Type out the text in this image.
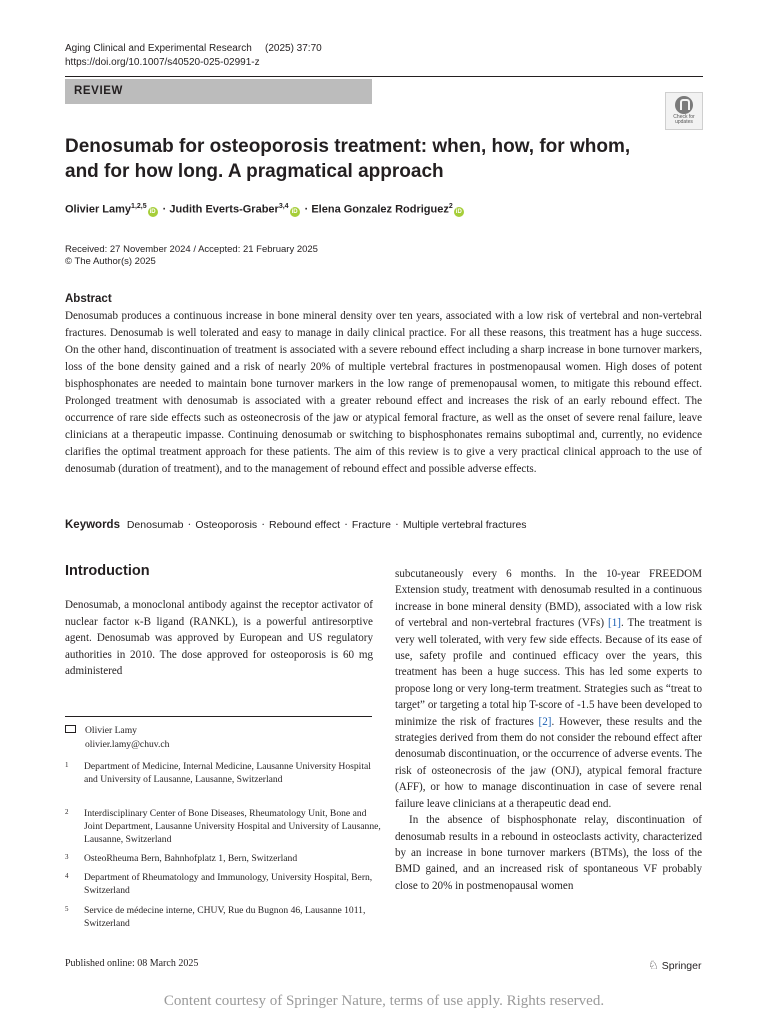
Aging Clinical and Experimental Research (2025) 37:70
https://doi.org/10.1007/s40520-025-02991-z
REVIEW
Check for updates
Denosumab for osteoporosis treatment: when, how, for whom, and for how long. A pragmatical approach
Olivier Lamy$^{1,2,5}$iD · Judith Everts-Graber$^{3,4}$iD · Elena Gonzalez Rodriguez$^2$iD
Received: 27 November 2024 / Accepted: 21 February 2025
© The Author(s) 2025
Abstract
Denosumab produces a continuous increase in bone mineral density over ten years, associated with a low risk of vertebral and non-vertebral fractures. Denosumab is well tolerated and easy to manage in daily clinical practice. For all these reasons, this treatment has a huge success. On the other hand, discontinuation of treatment is associated with a severe rebound effect including a sharp increase in bone turnover markers, loss of the bone density gained and a risk of nearly 20% of multiple vertebral fractures in postmenopausal women. High doses of potent bisphosphonates are needed to maintain bone turnover markers in the low range of premenopausal women, to mitigate this rebound effect. Prolonged treatment with denosumab is associated with a greater rebound effect and increases the risk of an early rebound effect. The occurrence of rare side effects such as osteonecrosis of the jaw or atypical femoral fracture, as well as the onset of severe renal failure, leave clinicians at a therapeutic impasse. Continuing denosumab or switching to bisphosphonates remains suboptimal and, currently, no evidence clarifies the optimal treatment approach for these patients. The aim of this review is to give a very practical clinical approach to the use of denosumab (duration of treatment), and to the management of rebound effect and possible adverse effects.
Keywords Denosumab · Osteoporosis · Rebound effect · Fracture · Multiple vertebral fractures
Introduction
Denosumab, a monoclonal antibody against the receptor activator of nuclear factor κ-B ligand (RANKL), is a powerful antiresorptive agent. Denosumab was approved by European and US regulatory authorities in 2010. The dose approved for osteoporosis is 60 mg administered
Olivier Lamy
olivier.lamy@chuv.ch
1 Department of Medicine, Internal Medicine, Lausanne University Hospital and University of Lausanne, Lausanne, Switzerland
2 Interdisciplinary Center of Bone Diseases, Rheumatology Unit, Bone and Joint Department, Lausanne University Hospital and University of Lausanne, Lausanne, Switzerland
3 OsteoRheuma Bern, Bahnhofplatz 1, Bern, Switzerland
4 Department of Rheumatology and Immunology, University Hospital, Bern, Switzerland
5 Service de médecine interne, CHUV, Rue du Bugnon 46, Lausanne 1011, Switzerland

subcutaneously every 6 months. In the 10-year FREEDOM Extension study, treatment with denosumab resulted in a continuous increase in bone mineral density (BMD), associated with a low risk of vertebral and non-vertebral fractures (VFs) [1]. The treatment is very well tolerated, with very few side effects. Because of its ease of use, safety profile and continued efficacy over the years, this treatment has been a huge success. This has led some experts to propose long or very long-term treatment. Strategies such as “treat to target” or targeting a total hip T-score of -1.5 have been developed to minimize the risk of fractures [2]. However, these results and the strategies derived from them do not consider the rebound effect after denosumab discontinuation, or the occurrence of adverse events. The risk of osteonecrosis of the jaw (ONJ), atypical femoral fracture (AFF), or how to manage discontinuation in case of severe renal failure leave clinicians at a therapeutic dead end.

In the absence of bisphosphonate relay, discontinuation of denosumab results in a rebound in osteoclasts activity, characterized by an increase in bone turnover markers (BTMs), the loss of the BMD gained, and an increased risk of spontaneous VF probably close to 20% in postmenopausal women

Published online: 08 March 2025	♘ Springer
Content courtesy of Springer Nature, terms of use apply. Rights reserved.
